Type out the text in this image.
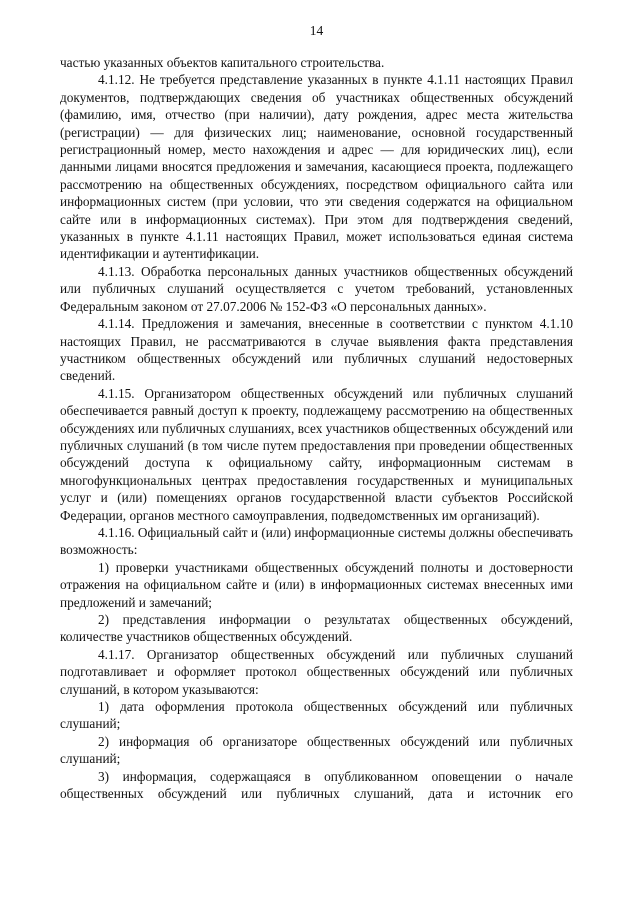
14

частью указанных объектов капитального строительства.

4.1.12. Не требуется представление указанных в пункте 4.1.11 настоящих Правил документов, подтверждающих сведения об участниках общественных обсуждений (фамилию, имя, отчество (при наличии), дату рождения, адрес места жительства (регистрации) — для физических лиц; наименование, основной государственный регистрационный номер, место нахождения и адрес — для юридических лиц), если данными лицами вносятся предложения и замечания, касающиеся проекта, подлежащего рассмотрению на общественных обсуждениях, посредством официального сайта или информационных систем (при условии, что эти сведения содержатся на официальном сайте или в информационных системах). При этом для подтверждения сведений, указанных в пункте 4.1.11 настоящих Правил, может использоваться единая система идентификации и аутентификации.

4.1.13. Обработка персональных данных участников общественных обсуждений или публичных слушаний осуществляется с учетом требований, установленных Федеральным законом от 27.07.2006 № 152-ФЗ «О персональных данных».

4.1.14. Предложения и замечания, внесенные в соответствии с пунктом 4.1.10 настоящих Правил, не рассматриваются в случае выявления факта представления участником общественных обсуждений или публичных слушаний недостоверных сведений.

4.1.15. Организатором общественных обсуждений или публичных слушаний обеспечивается равный доступ к проекту, подлежащему рассмотрению на общественных обсуждениях или публичных слушаниях, всех участников общественных обсуждений или публичных слушаний (в том числе путем предоставления при проведении общественных обсуждений доступа к официальному сайту, информационным системам в многофункциональных центрах предоставления государственных и муниципальных услуг и (или) помещениях органов государственной власти субъектов Российской Федерации, органов местного самоуправления, подведомственных им организаций).

4.1.16. Официальный сайт и (или) информационные системы должны обеспечивать возможность:

1) проверки участниками общественных обсуждений полноты и достоверности отражения на официальном сайте и (или) в информационных системах внесенных ими предложений и замечаний;

2) представления информации о результатах общественных обсуждений, количестве участников общественных обсуждений.

4.1.17. Организатор общественных обсуждений или публичных слушаний подготавливает и оформляет протокол общественных обсуждений или публичных слушаний, в котором указываются:

1) дата оформления протокола общественных обсуждений или публичных слушаний;

2) информация об организаторе общественных обсуждений или публичных слушаний;

3) информация, содержащаяся в опубликованном оповещении о начале общественных обсуждений или публичных слушаний, дата и источник его
